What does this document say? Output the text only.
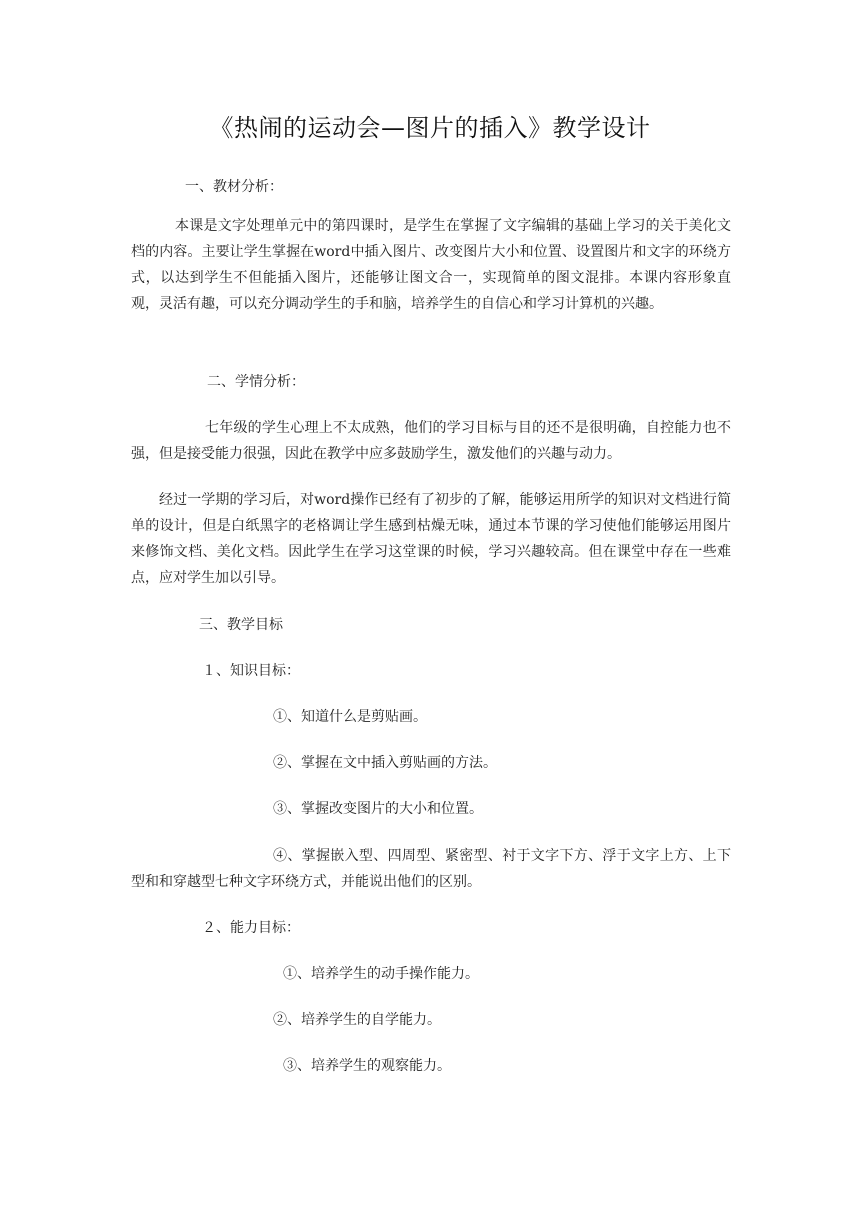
《热闹的运动会—图片的插入》教学设计
一、教材分析：
本课是文字处理单元中的第四课时，是学生在掌握了文字编辑的基础上学习的关于美化文档的内容。主要让学生掌握在word中插入图片、改变图片大小和位置、设置图片和文字的环绕方式，以达到学生不但能插入图片，还能够让图文合一，实现简单的图文混排。本课内容形象直观，灵活有趣，可以充分调动学生的手和脑，培养学生的自信心和学习计算机的兴趣。
二、学情分析：
七年级的学生心理上不太成熟，他们的学习目标与目的还不是很明确，自控能力也不强，但是接受能力很强，因此在教学中应多鼓励学生，激发他们的兴趣与动力。
经过一学期的学习后，对word操作已经有了初步的了解，能够运用所学的知识对文档进行简单的设计，但是白纸黑字的老格调让学生感到枯燥无味，通过本节课的学习使他们能够运用图片来修饰文档、美化文档。因此学生在学习这堂课的时候，学习兴趣较高。但在课堂中存在一些难点，应对学生加以引导。
三、教学目标
１、知识目标：
①、知道什么是剪贴画。
②、掌握在文中插入剪贴画的方法。
③、掌握改变图片的大小和位置。
④、掌握嵌入型、四周型、紧密型、衬于文字下方、浮于文字上方、上下型和和穿越型七种文字环绕方式，并能说出他们的区别。
２、能力目标：
①、培养学生的动手操作能力。
②、培养学生的自学能力。
③、培养学生的观察能力。
